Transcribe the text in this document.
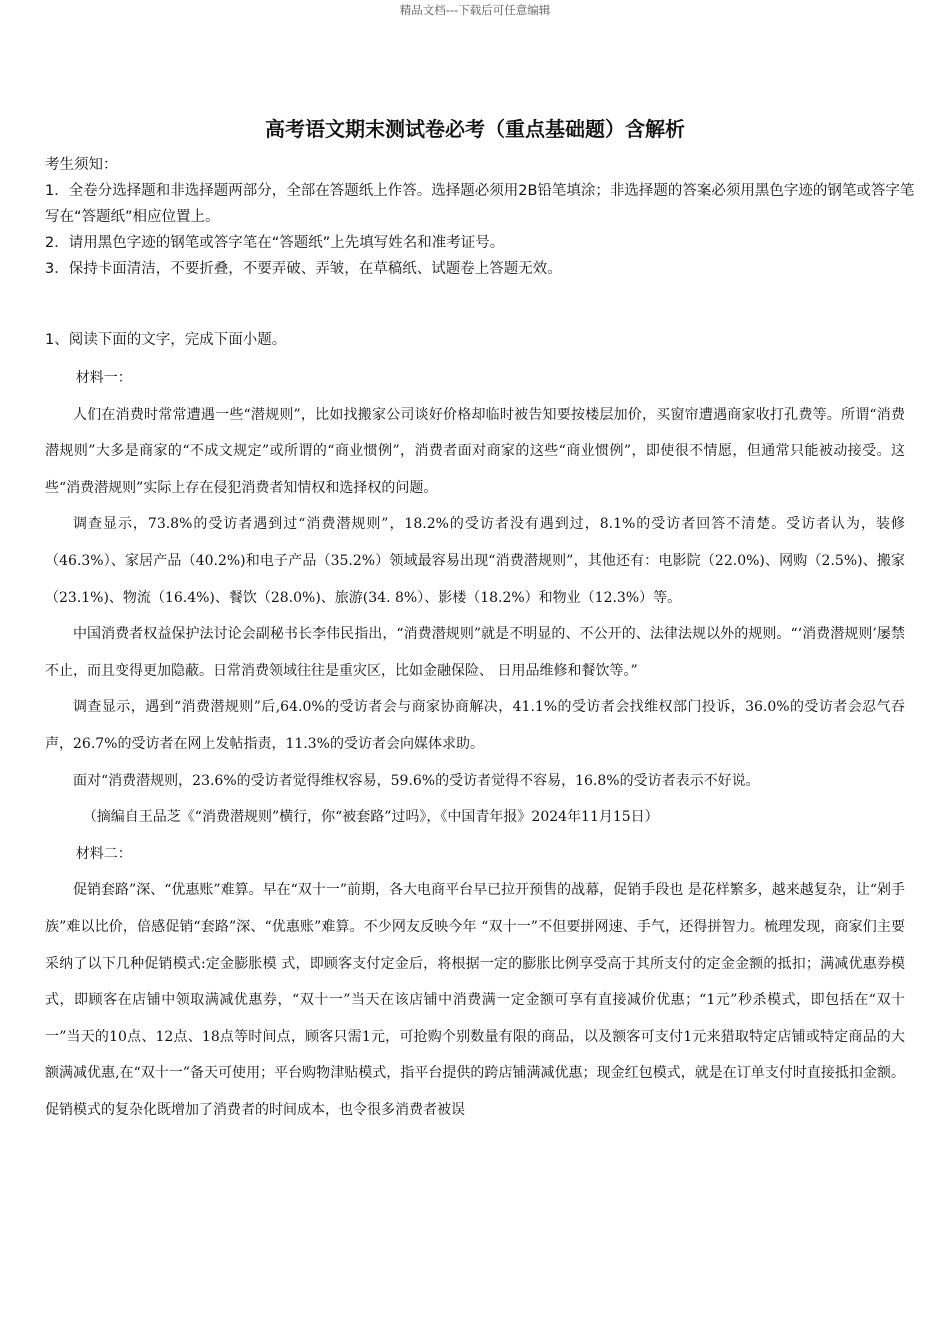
精品文档---下载后可任意编辑
高考语文期末测试卷必考（重点基础题）含解析

考生须知：

1．全卷分选择题和非选择题两部分，全部在答题纸上作答。选择题必须用2B铅笔填涂；非选择题的答案必须用黑色字迹的钢笔或答字笔写在“答题纸”相应位置上。

2．请用黑色字迹的钢笔或答字笔在“答题纸”上先填写姓名和准考证号。

3．保持卡面清洁，不要折叠，不要弄破、弄皱，在草稿纸、试题卷上答题无效。

1、阅读下面的文字，完成下面小题。

材料一：

人们在消费时常常遭遇一些“潜规则”，比如找搬家公司谈好价格却临时被告知要按楼层加价，买窗帘遭遇商家收打孔费等。所谓“消费潜规则”大多是商家的“不成文规定”或所谓的“商业惯例”，消费者面对商家的这些“商业惯例”，即使很不情愿，但通常只能被动接受。这些“消费潜规则”实际上存在侵犯消费者知情权和选择权的问题。

调查显示，73.8%的受访者遇到过“消费潜规则”，18.2%的受访者没有遇到过，8.1%的受访者回答不清楚。受访者认为，装修（46.3%）、家居产品（40.2%)和电子产品（35.2%）领域最容易出现“消费潜规则”，其他还有：电影院（22.0%)、网购（2.5%)、搬家（23.1%)、物流（16.4%)、餐饮（28.0%)、旅游(34. 8%）、影楼（18.2%）和物业（12.3%）等。

中国消费者权益保护法讨论会副秘书长李伟民指出，“消费潜规则”就是不明显的、不公开的、法律法规以外的规则。“‘消费潜规则’屡禁不止，而且变得更加隐蔽。日常消费领域往往是重灾区，比如金融保险、 日用品维修和餐饮等。”

调查显示，遇到“消费潜规则”后,64.0%的受访者会与商家协商解决，41.1%的受访者会找维权部门投诉，36.0%的受访者会忍气吞声，26.7%的受访者在网上发帖指责，11.3%的受访者会向媒体求助。

面对“消费潜规则，23.6%的受访者觉得维权容易，59.6%的受访者觉得不容易，16.8%的受访者表示不好说。

（摘编自王品芝《“消费潜规则”横行，你“被套路”过吗》，《中国青年报》2024年11月15日）

材料二：

促销套路”深、“优惠账”难算。早在“双十一”前期，各大电商平台早已拉开预售的战幕，促销手段也 是花样繁多，越来越复杂，让“剁手族”难以比价，倍感促销“套路”深、“优惠账”难算。不少网友反映今年 “双十一”不但要拼网速、手气，还得拼智力。梳理发现，商家们主要采纳了以下几种促销模式:定金膨胀模 式，即顾客支付定金后，将根据一定的膨胀比例享受高于其所支付的定金金额的抵扣；满减优惠券模式，即顾客在店铺中领取满减优惠券，“双十一”当天在该店铺中消费满一定金额可享有直接减价优惠；“1元”秒杀模式，即包括在“双十一”当天的10点、12点、18点等时间点，顾客只需1元，可抢购个别数量有限的商品，以及额客可支付1元来猎取特定店铺或特定商品的大额满减优惠,在“双十一”备天可使用；平台购物津贴模式，指平台提供的跨店铺满减优惠；现金红包模式，就是在订单支付时直接抵扣金额。促销模式的复杂化既增加了消费者的时间成本，也令很多消费者被误
